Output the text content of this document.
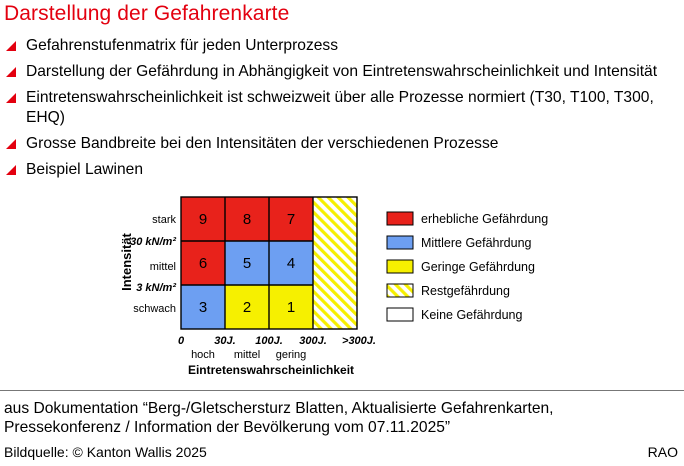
Darstellung der Gefahrenkarte
Gefahrenstufenmatrix für jeden Unterprozess
Darstellung der Gefährdung in Abhängigkeit von Eintretenswahrscheinlichkeit und Intensität
Eintretenswahrscheinlichkeit ist schweizweit über alle Prozesse normiert (T30, T100, T300, EHQ)
Grosse Bandbreite bei den Intensitäten der verschiedenen Prozesse
Beispiel Lawinen
Intensität
stark
mittel
schwach
30 kN/m²
3 kN/m²
9 8 7
6 5 4
3 2 1
0	30J. 100J. 300J. >300J.
hoch mittel gering
Eintretenswahrscheinlichkeit
erhebliche Gefährdung
Mittlere Gefährdung
Geringe Gefährdung
Restgefährdung
Keine Gefährdung
aus Dokumentation “Berg-/Gletschersturz Blatten, Aktualisierte Gefahrenkarten, Pressekonferenz / Information der Bevölkerung vom 07.11.2025”
Bildquelle: © Kanton Wallis 2025	RAO
